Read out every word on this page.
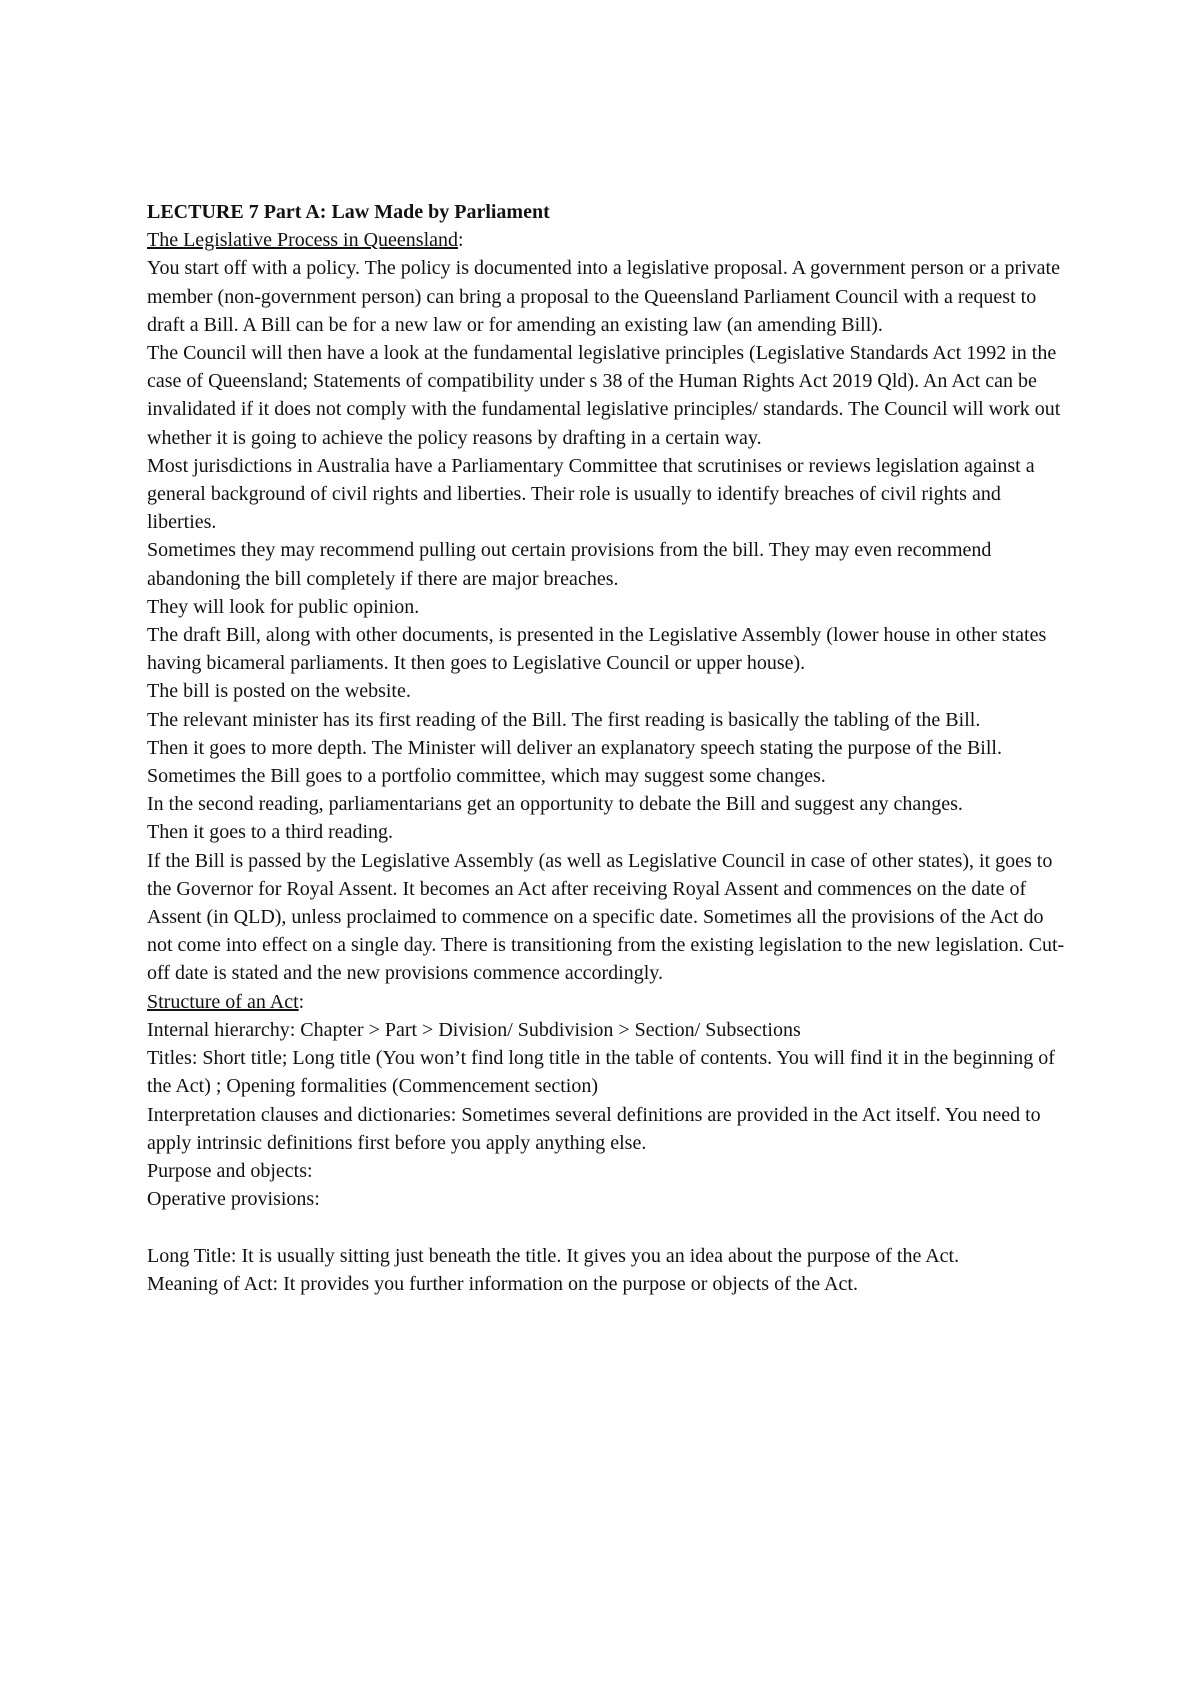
LECTURE 7 Part A: Law Made by Parliament

The Legislative Process in Queensland:

You start off with a policy. The policy is documented into a legislative proposal. A government person or a private member (non-government person) can bring a proposal to the Queensland Parliament Council with a request to draft a Bill. A Bill can be for a new law or for amending an existing law (an amending Bill).

The Council will then have a look at the fundamental legislative principles (Legislative Standards Act 1992 in the case of Queensland; Statements of compatibility under s 38 of the Human Rights Act 2019 Qld). An Act can be invalidated if it does not comply with the fundamental legislative principles/ standards. The Council will work out whether it is going to achieve the policy reasons by drafting in a certain way.

Most jurisdictions in Australia have a Parliamentary Committee that scrutinises or reviews legislation against a general background of civil rights and liberties. Their role is usually to identify breaches of civil rights and liberties.

Sometimes they may recommend pulling out certain provisions from the bill. They may even recommend abandoning the bill completely if there are major breaches.

They will look for public opinion.

The draft Bill, along with other documents, is presented in the Legislative Assembly (lower house in other states having bicameral parliaments. It then goes to Legislative Council or upper house).

The bill is posted on the website.

The relevant minister has its first reading of the Bill. The first reading is basically the tabling of the Bill.

Then it goes to more depth. The Minister will deliver an explanatory speech stating the purpose of the Bill.

Sometimes the Bill goes to a portfolio committee, which may suggest some changes.

In the second reading, parliamentarians get an opportunity to debate the Bill and suggest any changes.

Then it goes to a third reading.

If the Bill is passed by the Legislative Assembly (as well as Legislative Council in case of other states), it goes to the Governor for Royal Assent. It becomes an Act after receiving Royal Assent and commences on the date of Assent (in QLD), unless proclaimed to commence on a specific date. Sometimes all the provisions of the Act do not come into effect on a single day. There is transitioning from the existing legislation to the new legislation. Cut-off date is stated and the new provisions commence accordingly.

Structure of an Act:

Internal hierarchy: Chapter > Part > Division/ Subdivision > Section/ Subsections

Titles: Short title; Long title (You won’t find long title in the table of contents. You will find it in the beginning of the Act) ; Opening formalities (Commencement section)

Interpretation clauses and dictionaries: Sometimes several definitions are provided in the Act itself. You need to apply intrinsic definitions first before you apply anything else.

Purpose and objects:

Operative provisions:

Long Title: It is usually sitting just beneath the title. It gives you an idea about the purpose of the Act.

Meaning of Act: It provides you further information on the purpose or objects of the Act.
